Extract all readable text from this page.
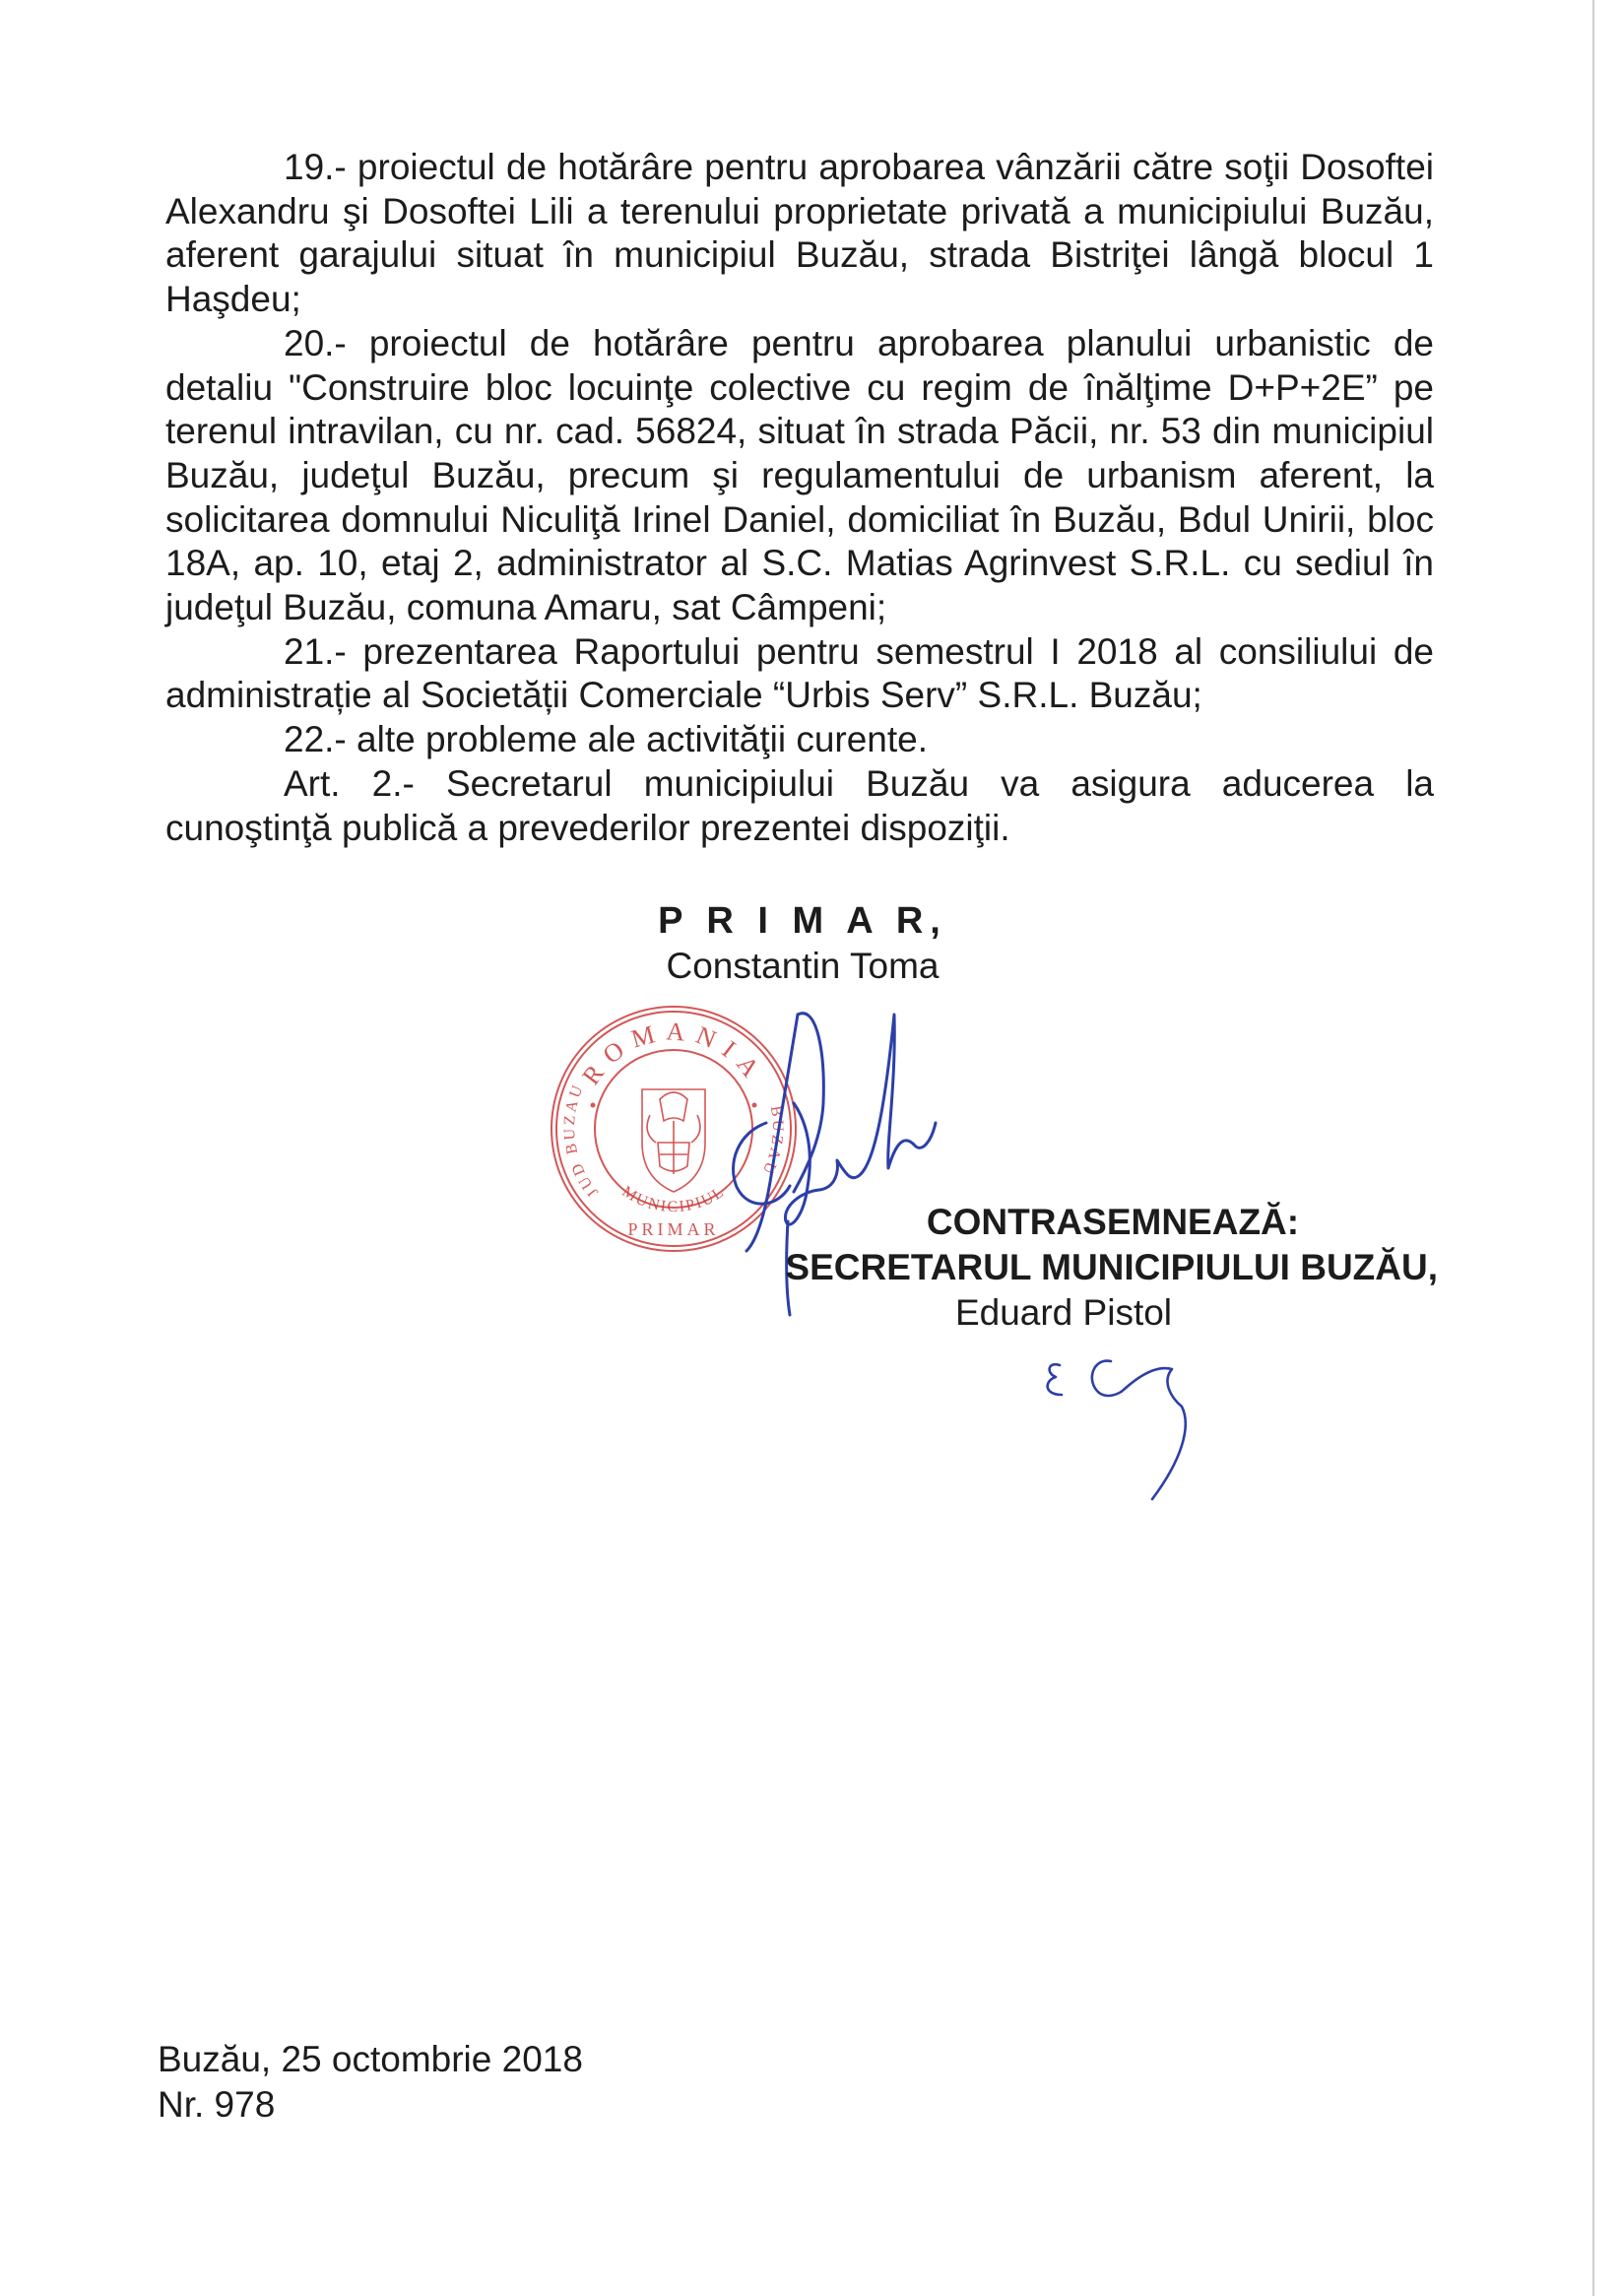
19.- proiectul de hotărâre pentru aprobarea vânzării către soţii Dosoftei Alexandru şi Dosoftei Lili a terenului proprietate privată a municipiului Buzău, aferent garajului situat în municipiul Buzău, strada Bistriţei lângă blocul 1 Haşdeu;

20.- proiectul de hotărâre pentru aprobarea planului urbanistic de detaliu "Construire bloc locuinţe colective cu regim de înălţime D+P+2E” pe terenul intravilan, cu nr. cad. 56824, situat în strada Păcii, nr. 53 din municipiul Buzău, judeţul Buzău, precum şi regulamentului de urbanism aferent, la solicitarea domnului Niculiţă Irinel Daniel, domiciliat în Buzău, Bdul Unirii, bloc 18A, ap. 10, etaj 2, administrator al S.C. Matias Agrinvest S.R.L. cu sediul în judeţul Buzău, comuna Amaru, sat Câmpeni;

21.- prezentarea Raportului pentru semestrul I 2018 al consiliului de administrație al Societății Comerciale “Urbis Serv” S.R.L. Buzău;

22.- alte probleme ale activităţii curente.

Art. 2.- Secretarul municipiului Buzău va asigura aducerea la cunoştinţă publică a prevederilor prezentei dispoziţii.

P R I M A R,
Constantin Toma
ROMANIA
JUD BUZAU
BUZAU
MUNICIPIUL
PRIMAR	CONTRASEMNEAZĂ:
SECRETARUL MUNICIPIULUI BUZĂU,
Eduard Pistol
Buzău, 25 octombrie 2018
Nr. 978
